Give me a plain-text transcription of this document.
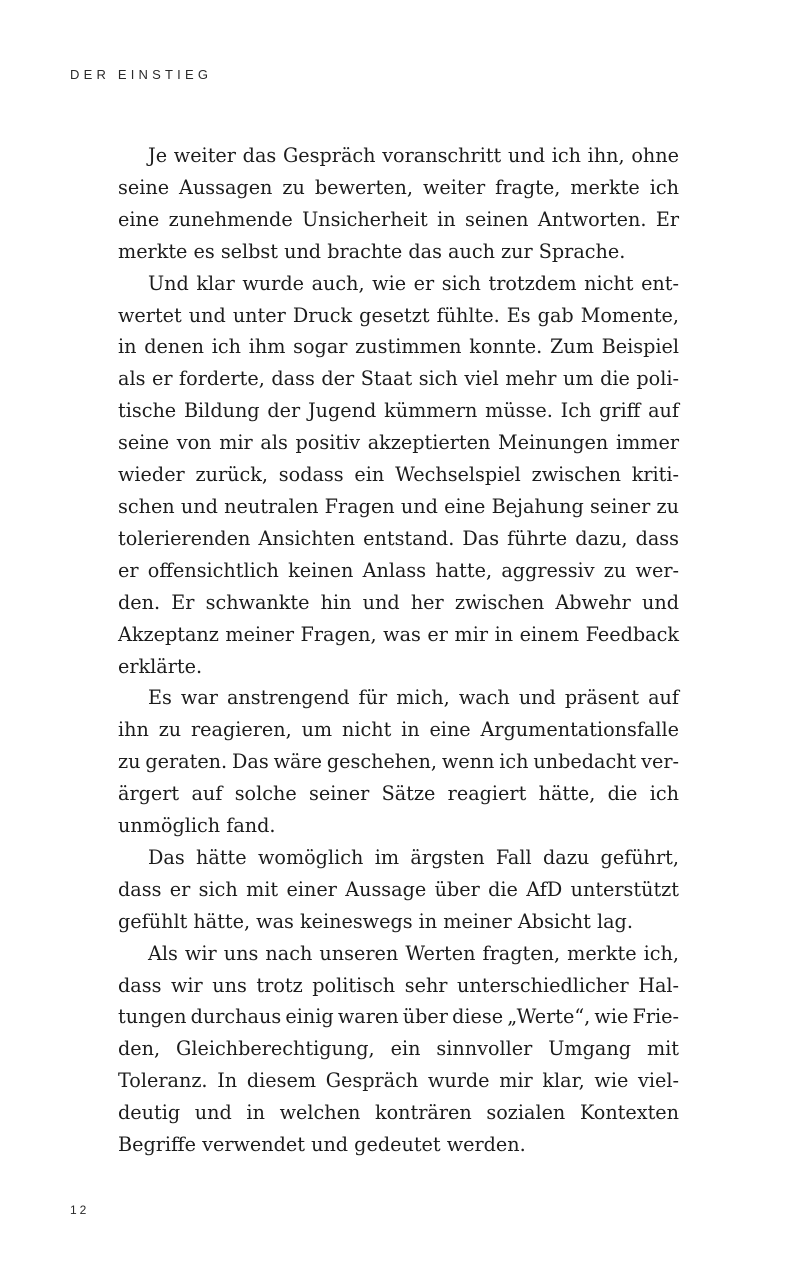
DER EINSTIEG

Je weiter das Gespräch voranschritt und ich ihn, ohne
seine Aussagen zu bewerten, weiter fragte, merkte ich
eine zunehmende Unsicherheit in seinen Antworten. Er
merkte es selbst und brachte das auch zur Sprache.

Und klar wurde auch, wie er sich trotzdem nicht ent-
wertet und unter Druck gesetzt fühlte. Es gab Momente,
in denen ich ihm sogar zustimmen konnte. Zum Beispiel
als er forderte, dass der Staat sich viel mehr um die poli-
tische Bildung der Jugend kümmern müsse. Ich griff auf
seine von mir als positiv akzeptierten Meinungen immer
wieder zurück, sodass ein Wechselspiel zwischen kriti-
schen und neutralen Fragen und eine Bejahung seiner zu
tolerierenden Ansichten entstand. Das führte dazu, dass
er offensichtlich keinen Anlass hatte, aggressiv zu wer-
den. Er schwankte hin und her zwischen Abwehr und
Akzeptanz meiner Fragen, was er mir in einem Feedback
erklärte.

Es war anstrengend für mich, wach und präsent auf
ihn zu reagieren, um nicht in eine Argumentationsfalle
zu geraten. Das wäre geschehen, wenn ich unbedacht ver-
ärgert auf solche seiner Sätze reagiert hätte, die ich
unmöglich fand.

Das hätte womöglich im ärgsten Fall dazu geführt,
dass er sich mit einer Aussage über die AfD unterstützt
gefühlt hätte, was keineswegs in meiner Absicht lag.

Als wir uns nach unseren Werten fragten, merkte ich,
dass wir uns trotz politisch sehr unterschiedlicher Hal-
tungen durchaus einig waren über diese „Werte“, wie Frie-
den, Gleichberechtigung, ein sinnvoller Umgang mit
Toleranz. In diesem Gespräch wurde mir klar, wie viel-
deutig und in welchen konträren sozialen Kontexten
Begriffe verwendet und gedeutet werden.

12
